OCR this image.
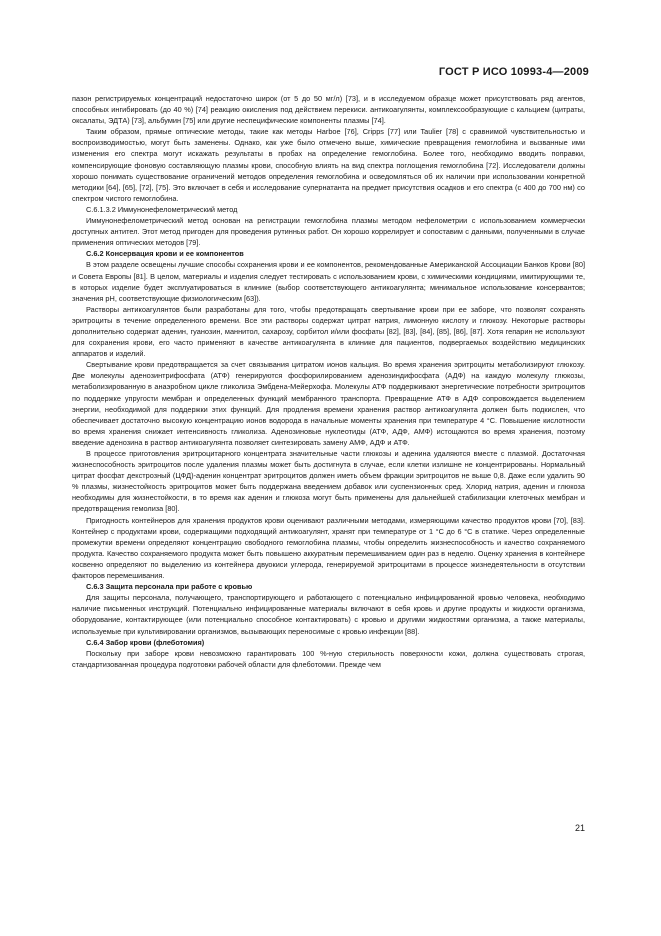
ГОСТ Р ИСО 10993-4—2009

пазон регистрируемых концентраций недостаточно широк (от 5 до 50 мг/л) [73], и в исследуемом образце может присутствовать ряд агентов, способных ингибировать (до 40 %) [74] реакцию окисления под действием перекиси. антикоагулянты, комплексообразующие с кальцием (цитраты, оксалаты, ЭДТА) [73], альбумин [75] или другие неспецифические компоненты плазмы [74].

Таким образом, прямые оптические методы, такие как методы Harboe [76], Cripps [77] или Taulier [78] с сравнимой чувствительностью и воспроизводимостью, могут быть заменены. Однако, как уже было отмечено выше, химические превращения гемоглобина и вызванные ими изменения его спектра могут искажать результаты в пробах на определение гемоглобина. Более того, необходимо вводить поправки, компенсирующие фоновую составляющую плазмы крови, способную влиять на вид спектра поглощения гемоглобина [72]. Исследователи должны хорошо понимать существование ограничений методов определения гемоглобина и осведомляться об их наличии при использовании конкретной методики [64], [65], [72], [75]. Это включает в себя и исследование супернатанта на предмет присутствия осадков и его спектра (с 400 до 700 нм) со спектром чистого гемоглобина.

С.6.1.3.2 Иммунонефелометрический метод

Иммунонефелометрический метод основан на регистрации гемоглобина плазмы методом нефелометрии с использованием коммерчески доступных антител. Этот метод пригоден для проведения рутинных работ. Он хорошо коррелирует и сопоставим с данными, полученными в случае применения оптических методов [79].

С.6.2 Консервация крови и ее компонентов

В этом разделе освещены лучшие способы сохранения крови и ее компонентов, рекомендованные Американской Ассоциации Банков Крови [80] и Совета Европы [81]. В целом, материалы и изделия следует тестировать с использованием крови, с химическими кондициями, имитирующими те, в которых изделие будет эксплуатироваться в клинике (выбор соответствующего антикоагулянта; минимальное использование консервантов; значения pH, соответствующие физиологическим [63]).

Растворы антикоагулянтов были разработаны для того, чтобы предотвращать свертывание крови при ее заборе, что позволят сохранять эритроциты в течение определенного времени. Все эти растворы содержат цитрат натрия, лимонную кислоту и глюкозу. Некоторые растворы дополнительно содержат аденин, гуанозин, маннитол, сахарозу, сорбитол и/или фосфаты [82], [83], [84], [85], [86], [87]. Хотя гепарин не используют для сохранения крови, его часто применяют в качестве антикоагулянта в клинике для пациентов, подвергаемых воздействию медицинских аппаратов и изделий.

Свертывание крови предотвращается за счет связывания цитратом ионов кальция. Во время хранения эритроциты метаболизируют глюкозу. Две молекулы аденозинтрифосфата (АТФ) генерируются фосфорилированием аденозиндифосфата (АДФ) на каждую молекулу глюкозы, метаболизированную в анаэробном цикле гликолиза Эмбдена-Мейерхофа. Молекулы АТФ поддерживают энергетические потребности эритроцитов по поддержке упругости мембран и определенных функций мембранного транспорта. Превращение АТФ в АДФ сопровождается выделением энергии, необходимой для поддержки этих функций. Для продления времени хранения раствор антикоагулянта должен быть подкислен, что обеспечивает достаточно высокую концентрацию ионов водорода в начальные моменты хранения при температуре 4 °С. Повышение кислотности во время хранения снижает интенсивность гликолиза. Аденозиновые нуклеотиды (АТФ, АДФ, АМФ) истощаются во время хранения, поэтому введение аденозина в раствор антикоагулянта позволяет синтезировать замену АМФ, АДФ и АТФ.

В процессе приготовления эритроцитарного концентрата значительные части глюкозы и аденина удаляются вместе с плазмой. Достаточная жизнеспособность эритроцитов после удаления плазмы может быть достигнута в случае, если клетки излишне не концентрированы. Нормальный цитрат фосфат декстрозный (ЦФД)-аденин концентрат эритроцитов должен иметь объем фракции эритроцитов не выше 0,8. Даже если удалить 90 % плазмы, жизнестойкость эритроцитов может быть поддержана введением добавок или суспензионных сред. Хлорид натрия, аденин и глюкоза необходимы для жизнестойкости, в то время как аденин и глюкоза могут быть применены для дальнейшей стабилизации клеточных мембран и предотвращения гемолиза [80].

Пригодность контейнеров для хранения продуктов крови оценивают различными методами, измеряющими качество продуктов крови [70], [83]. Контейнер с продуктами крови, содержащими подходящий антикоагулянт, хранят при температуре от 1 °С до 6 °С в статике. Через определенные промежутки времени определяют концентрацию свободного гемоглобина плазмы, чтобы определить жизнеспособность и качество сохраняемого продукта. Качество сохраняемого продукта может быть повышено аккуратным перемешиванием один раз в неделю. Оценку хранения в контейнере косвенно определяют по выделению из контейнера двуокиси углерода, генерируемой эритроцитами в процессе жизнедеятельности в отсутствии факторов перемешивания.

С.6.3 Защита персонала при работе с кровью

Для защиты персонала, получающего, транспортирующего и работающего с потенциально инфицированной кровью человека, необходимо наличие письменных инструкций. Потенциально инфицированные материалы включают в себя кровь и другие продукты и жидкости организма, оборудование, контактирующее (или потенциально способное контактировать) с кровью и другими жидкостями организма, а также материалы, используемые при культивировании организмов, вызывающих переносимые с кровью инфекции [88].

С.6.4 Забор крови (флеботомия)

Поскольку при заборе крови невозможно гарантировать 100 %-ную стерильность поверхности кожи, должна существовать строгая, стандартизованная процедура подготовки рабочей области для флеботомии. Прежде чем

21
